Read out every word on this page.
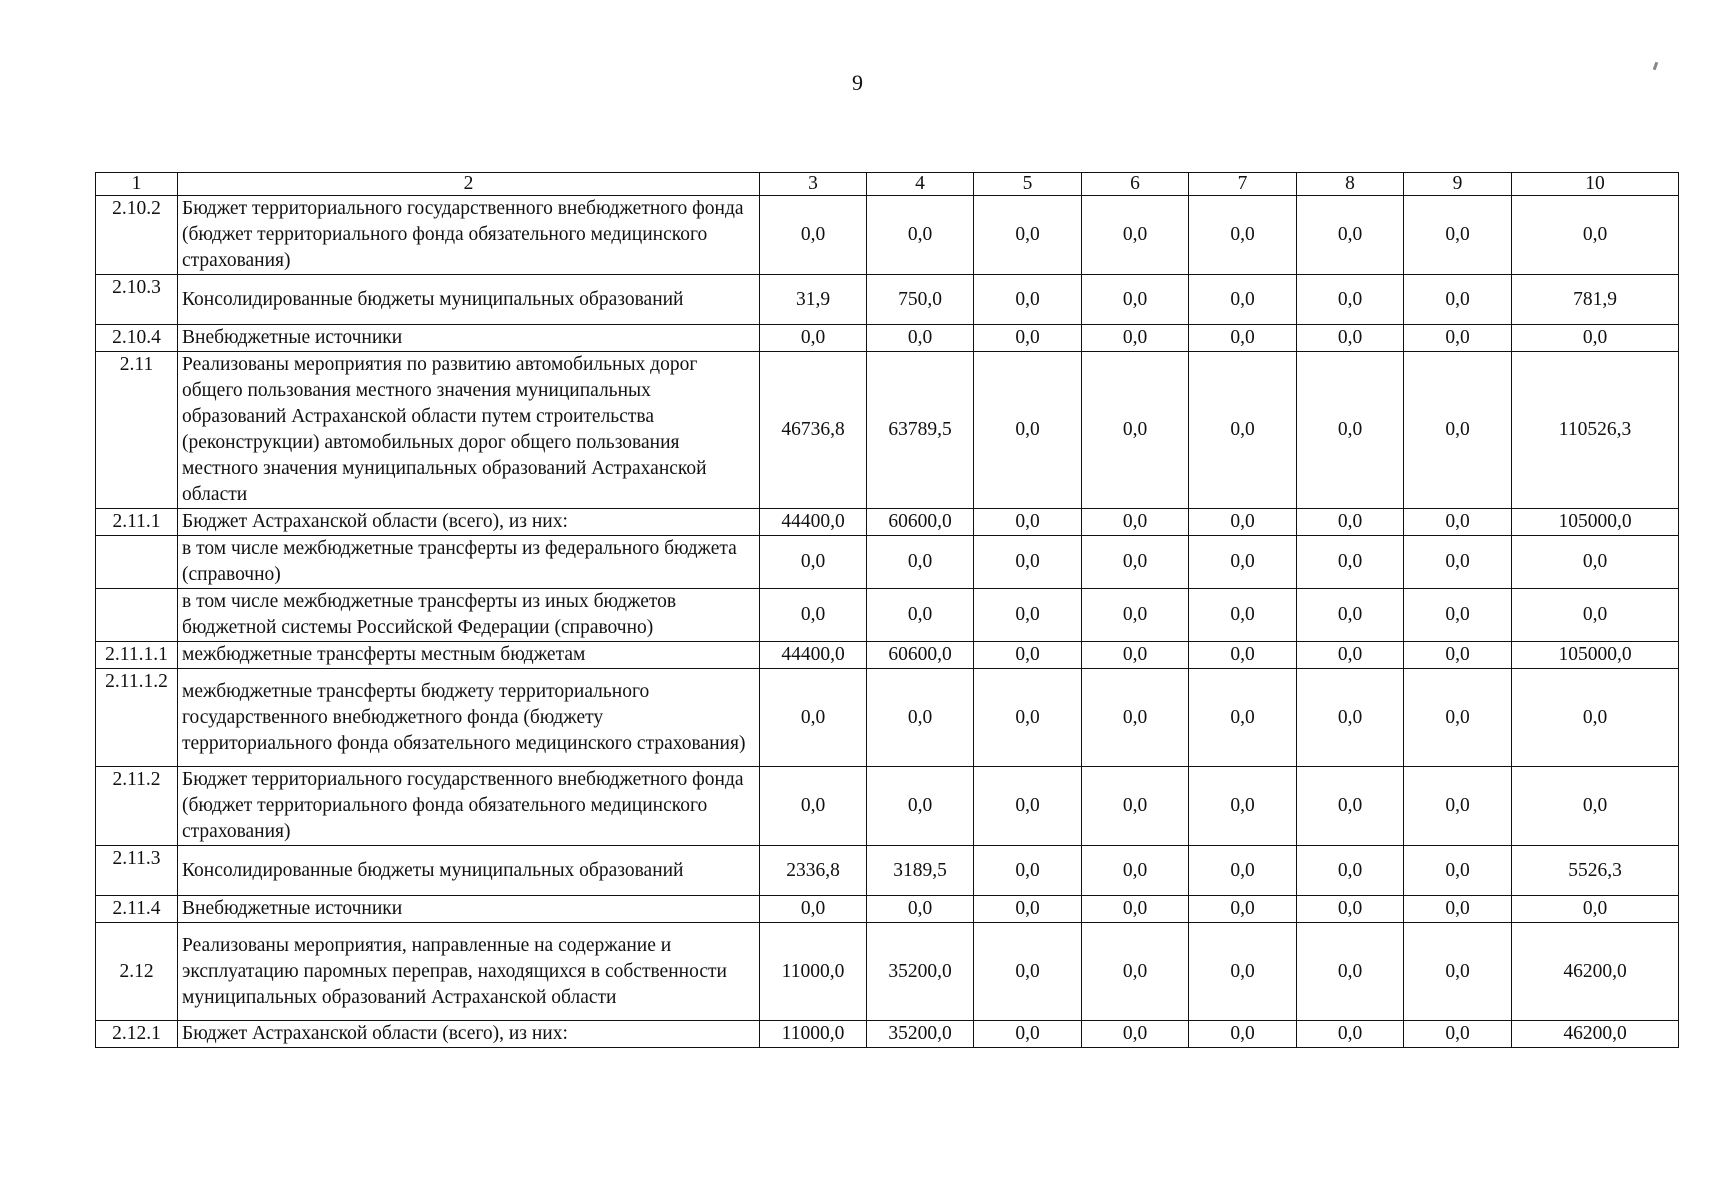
9
1	2	3	4	5	6	7	8	9	10
2.10.2	Бюджет территориального государственного внебюджетного фонда (бюджет территориального фонда обязательного медицинского страхования)	0,0	0,0	0,0	0,0	0,0	0,0	0,0	0,0
2.10.3	Консолидированные бюджеты муниципальных образований	31,9	750,0	0,0	0,0	0,0	0,0	0,0	781,9
2.10.4	Внебюджетные источники	0,0	0,0	0,0	0,0	0,0	0,0	0,0	0,0
2.11	Реализованы мероприятия по развитию автомобильных дорог общего пользования местного значения муниципальных образований Астраханской области путем строительства (реконструкции) автомобильных дорог общего пользования местного значения муниципальных образований Астраханской области	46736,8	63789,5	0,0	0,0	0,0	0,0	0,0	110526,3
2.11.1	Бюджет Астраханской области (всего), из них:	44400,0	60600,0	0,0	0,0	0,0	0,0	0,0	105000,0
	в том числе межбюджетные трансферты из федерального бюджета (справочно)	0,0	0,0	0,0	0,0	0,0	0,0	0,0	0,0
	в том числе межбюджетные трансферты из иных бюджетов бюджетной системы Российской Федерации (справочно)	0,0	0,0	0,0	0,0	0,0	0,0	0,0	0,0
2.11.1.1	межбюджетные трансферты местным бюджетам	44400,0	60600,0	0,0	0,0	0,0	0,0	0,0	105000,0
2.11.1.2	межбюджетные трансферты бюджету территориального государственного внебюджетного фонда (бюджету территориального фонда обязательного медицинского страхования)	0,0	0,0	0,0	0,0	0,0	0,0	0,0	0,0
2.11.2	Бюджет территориального государственного внебюджетного фонда (бюджет территориального фонда обязательного медицинского страхования)	0,0	0,0	0,0	0,0	0,0	0,0	0,0	0,0
2.11.3	Консолидированные бюджеты муниципальных образований	2336,8	3189,5	0,0	0,0	0,0	0,0	0,0	5526,3
2.11.4	Внебюджетные источники	0,0	0,0	0,0	0,0	0,0	0,0	0,0	0,0
2.12	Реализованы мероприятия, направленные на содержание и эксплуатацию паромных переправ, находящихся в собственности муниципальных образований Астраханской области	11000,0	35200,0	0,0	0,0	0,0	0,0	0,0	46200,0
2.12.1	Бюджет Астраханской области (всего), из них:	11000,0	35200,0	0,0	0,0	0,0	0,0	0,0	46200,0
